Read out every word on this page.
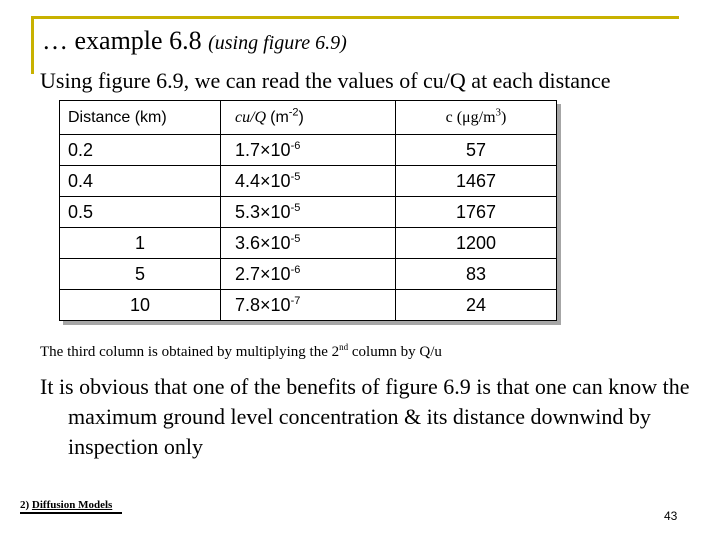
… example 6.8 (using figure 6.9)
Using figure 6.9, we can read the values of cu/Q at each distance
Distance (km)	cu/Q $(m^{-2})$	c $(\mu g/m^3)$
0.2	$1.7\times 10^{-6}$	57
0.4	$4.4\times 10^{-5}$	1467
0.5	$5.3\times 10^{-5}$	1767
1	$3.6\times 10^{-5}$	1200
5	$2.7\times 10^{-6}$	83
10	$7.8\times 10^{-7}$	24
The third column is obtained by multiplying the 2nd column by Q/u
It is obvious that one of the benefits of figure 6.9 is that one can know the maximum ground level concentration & its distance downwind by inspection only
2) Diffusion Models
43
